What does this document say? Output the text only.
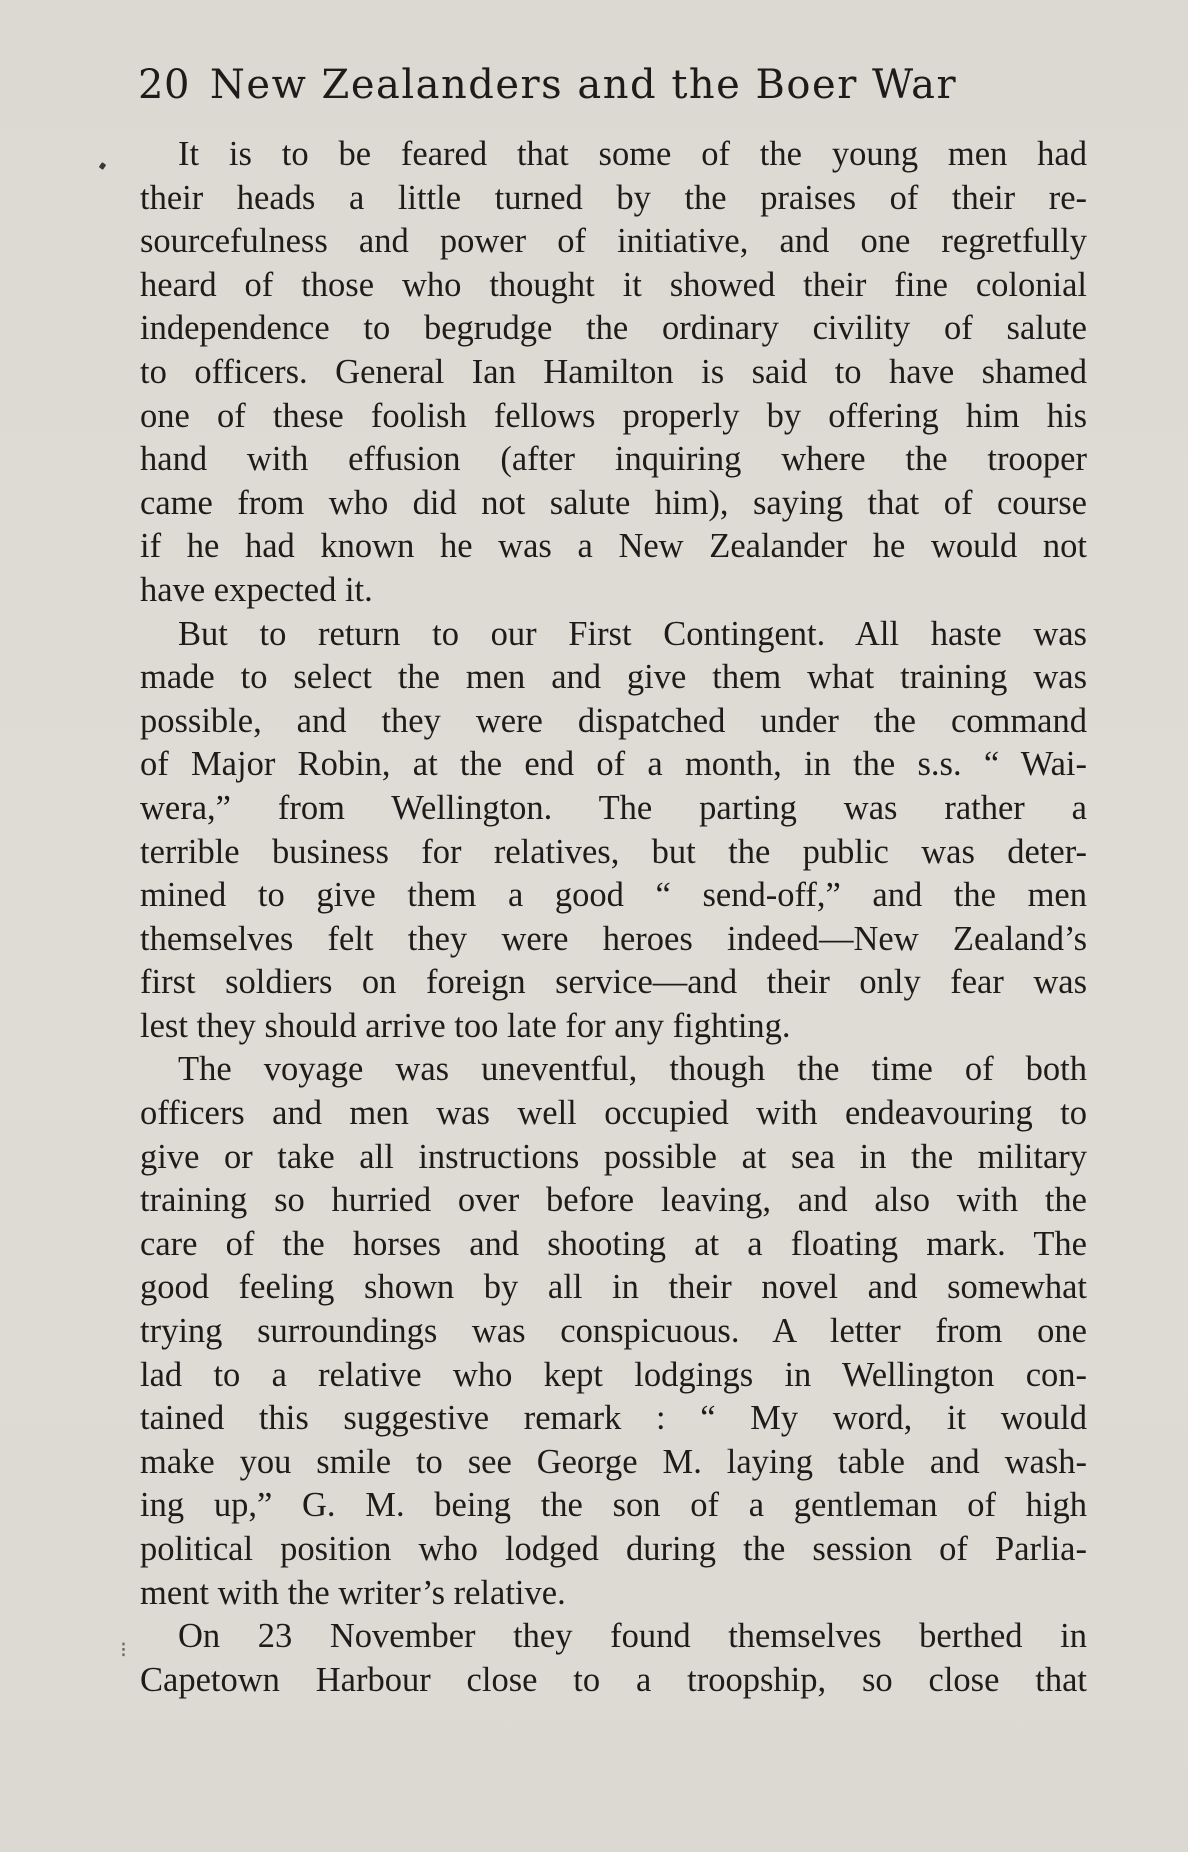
20 New Zealanders and the Boer War
⁝
It is to be feared that some of the young men had
their heads a little turned by the praises of their re-
sourcefulness and power of initiative, and one regretfully
heard of those who thought it showed their fine colonial
independence to begrudge the ordinary civility of salute
to officers. General Ian Hamilton is said to have shamed
one of these foolish fellows properly by offering him his
hand with effusion (after inquiring where the trooper
came from who did not salute him), saying that of course
if he had known he was a New Zealander he would not
have expected it.
But to return to our First Contingent. All haste was
made to select the men and give them what training was
possible, and they were dispatched under the command
of Major Robin, at the end of a month, in the s.s. “ Wai-
wera,” from Wellington. The parting was rather a
terrible business for relatives, but the public was deter-
mined to give them a good “ send-off,” and the men
themselves felt they were heroes indeed—New Zealand’s
first soldiers on foreign service—and their only fear was
lest they should arrive too late for any fighting.
The voyage was uneventful, though the time of both
officers and men was well occupied with endeavouring to
give or take all instructions possible at sea in the military
training so hurried over before leaving, and also with the
care of the horses and shooting at a floating mark. The
good feeling shown by all in their novel and somewhat
trying surroundings was conspicuous. A letter from one
lad to a relative who kept lodgings in Wellington con-
tained this suggestive remark : “ My word, it would
make you smile to see George M. laying table and wash-
ing up,” G. M. being the son of a gentleman of high
political position who lodged during the session of Parlia-
ment with the writer’s relative.
On 23 November they found themselves berthed in
Capetown Harbour close to a troopship, so close that
